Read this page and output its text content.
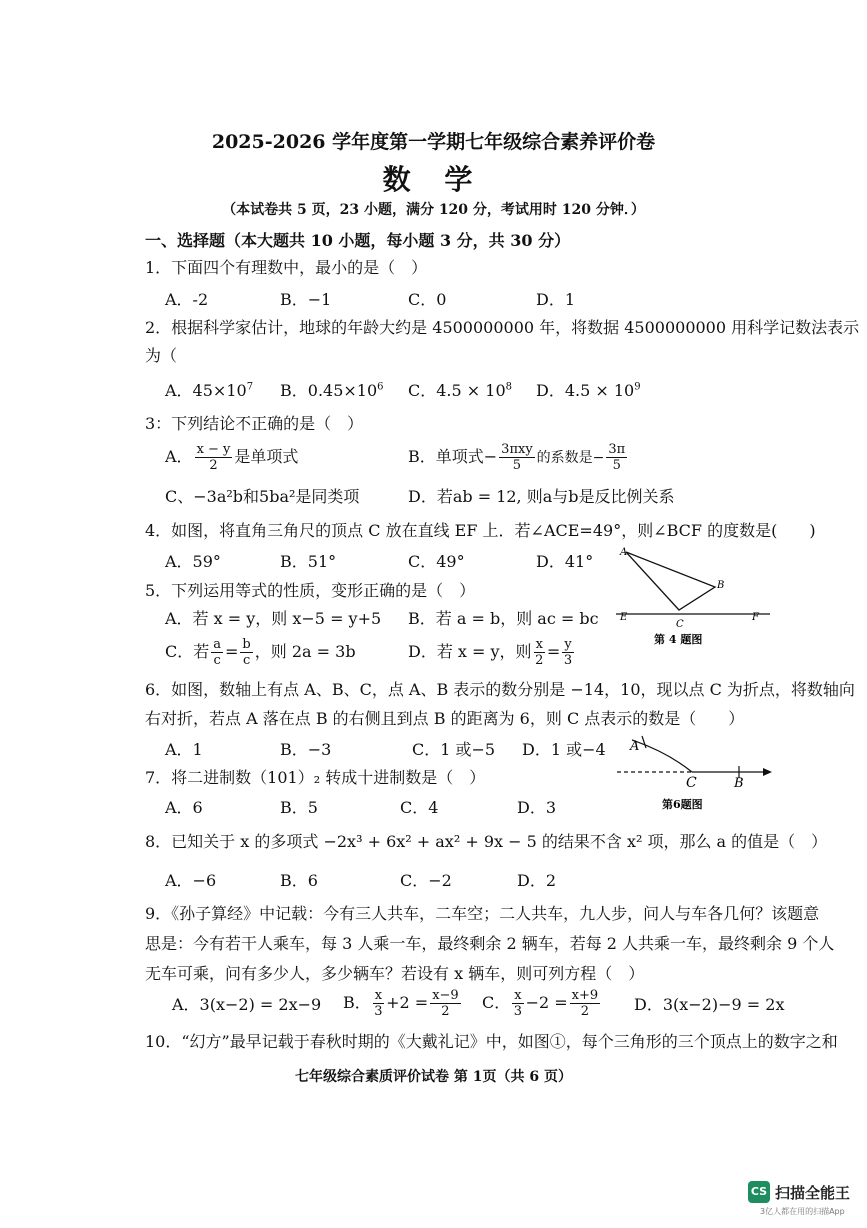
2025-2026 学年度第一学期七年级综合素养评价卷
数 学
（本试卷共 5 页，23 小题，满分 120 分，考试用时 120 分钟．）
一、选择题（本大题共 10 小题，每小题 3 分，共 30 分）
1．下面四个有理数中，最小的是（　）
A．-2	B．−1	C．0	D．1
2．根据科学家估计，地球的年龄大约是 4500000000 年，将数据 4500000000 用科学记数法表示
为（
A．$45\times 10^7$ B．$0.45\times 10^6$ C．$4.5 \times 10^8$ D．$4.5 \times 10^9$
3：下列结论不正确的是（　）
A． $\frac{x - y}{2}$ 是单项式	B．单项式− $\frac{\text{3πxy}}{5}$ 的系数是− $\frac{3\pi}{5}$
C、−3a²b和5ba²是同类项	D．若ab = 12, 则a与b是反比例关系
4．如图，将直角三角尺的顶点 C 放在直线 EF 上．若∠ACE=49°，则∠BCF 的度数是(　　)
A．59°	B．51°	C．49°	D．41°	A
B
C
E	F
第 4 题图
5．下列运用等式的性质，变形正确的是（　）
A．若 x = y，则 x−5 = y+5 B．若 a = b，则 ac = bc
C．若 $\frac{a}{c} = \frac{b}{c}$ ，则 2a = 3b	D．若 x = y，则 $\frac{x}{2} = \frac{y}{3}$
6．如图，数轴上有点 A、B、C，点 A、B 表示的数分别是 −14，10，现以点 C 为折点，将数轴向
右对折，若点 A 落在点 B 的右侧且到点 B 的距离为 6，则 C 点表示的数是（　　）
A．1	B．−3	C．1 或−5 D．1 或−4 A
C	B
第6题图
7．将二进制数（101）₂ 转成十进制数是（　）
A．6	B．5	C．4	D．3
8．已知关于 x 的多项式 −2x³ + 6x² + ax² + 9x − 5 的结果不含 x² 项，那么 a 的值是（　）
A．−6	B．6	C．−2	D．2
9．《孙子算经》中记载：今有三人共车，二车空；二人共车，九人步，问人与车各几何？该题意
思是：今有若干人乘车，每 3 人乘一车，最终剩余 2 辆车，若每 2 人共乘一车，最终剩余 9 个人
无车可乘，问有多少人，多少辆车？若设有 x 辆车，则可列方程（　）
A．3(x−2) = 2x−9 B． $\frac{x}{3} +2 = \frac{x-9}{2}$ C． $\frac{x}{3} -2 = \frac{x+9}{2}$ D．3(x−2)−9 = 2x
10．“幻方”最早记载于春秋时期的《大戴礼记》中，如图①，每个三角形的三个顶点上的数字之和
七年级综合素质评价试卷 第 1页（共 6 页）
CS 扫描全能王
3亿人都在用的扫描App
